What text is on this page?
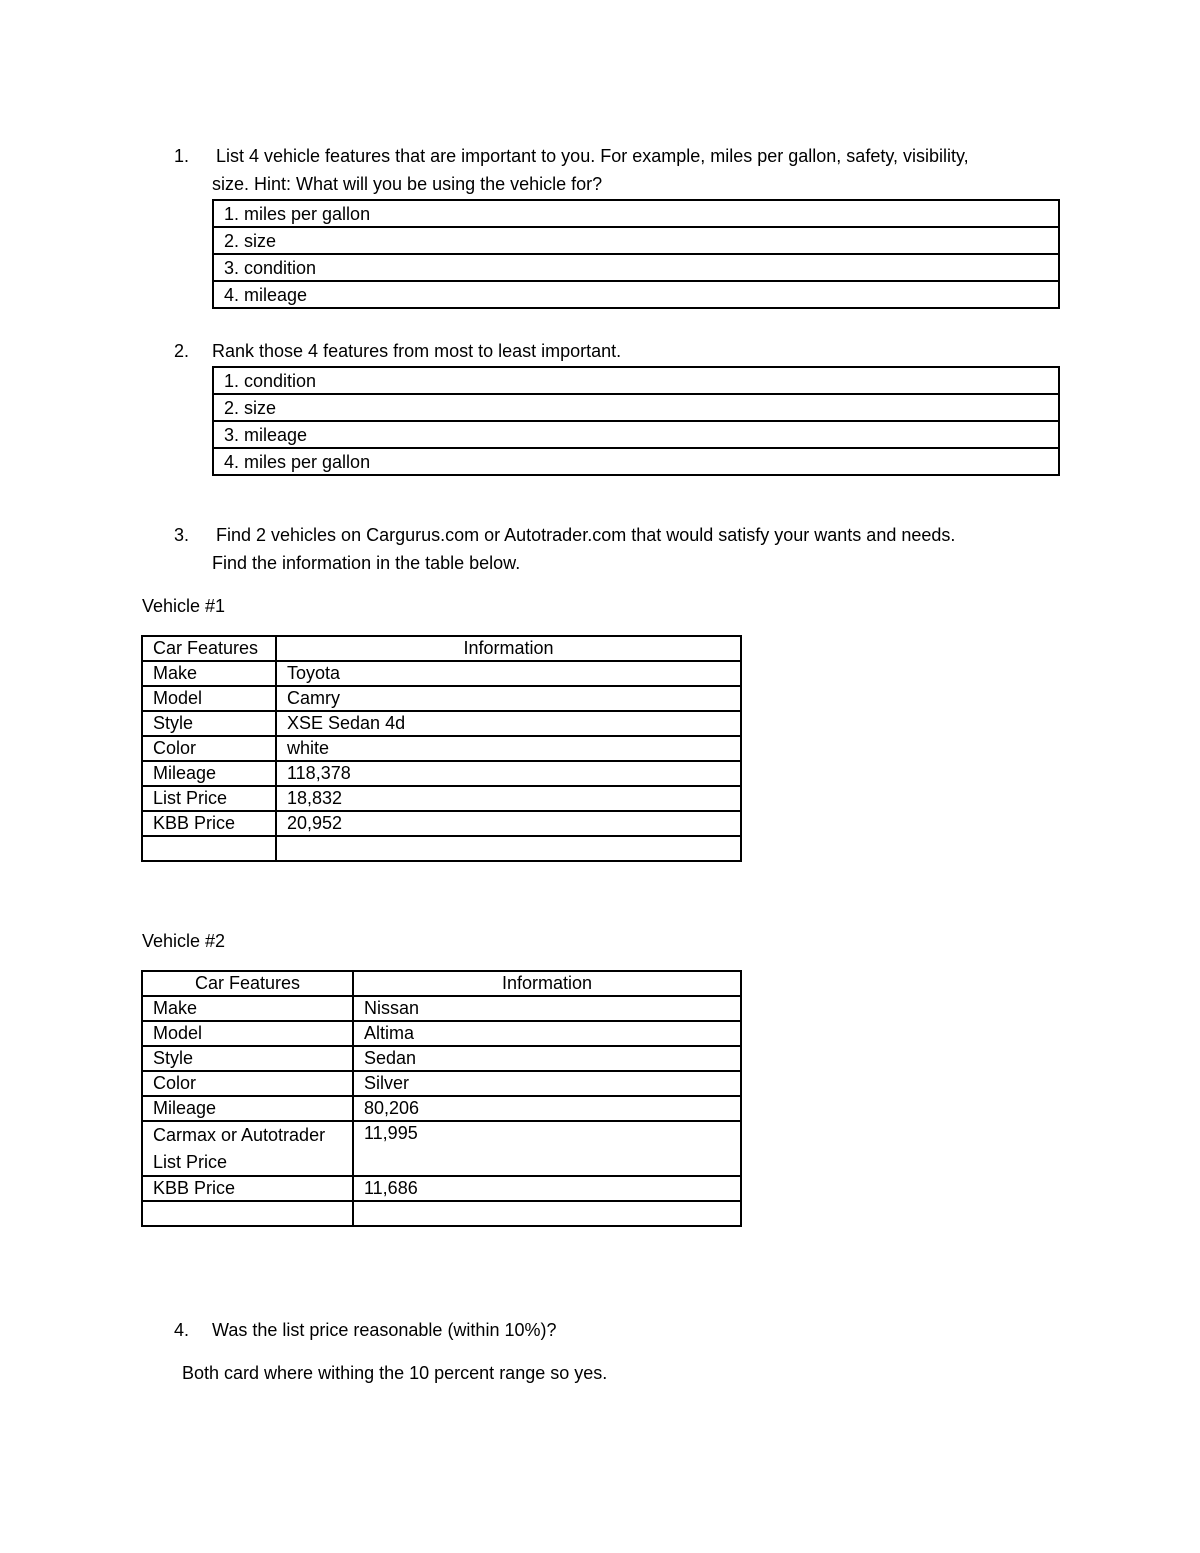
1. List 4 vehicle features that are important to you. For example, miles per gallon, safety, visibility,
size. Hint: What will you be using the vehicle for?
1. miles per gallon
2. size
3. condition
4. mileage
2. Rank those 4 features from most to least important.
1. condition
2. size
3. mileage
4. miles per gallon
3. Find 2 vehicles on Cargurus.com or Autotrader.com that would satisfy your wants and needs.
Find the information in the table below.
Vehicle #1
Car Features	Information
Make	Toyota
Model	Camry
Style	XSE Sedan 4d
Color	white
Mileage	118,378
List Price	18,832
KBB Price	20,952

Vehicle #2
Car Features	Information
Make	Nissan
Model	Altima
Style	Sedan
Color	Silver
Mileage	80,206
Carmax or Autotrader List Price	11,995
KBB Price	11,686

4. Was the list price reasonable (within 10%)?
Both card where withing the 10 percent range so yes.
